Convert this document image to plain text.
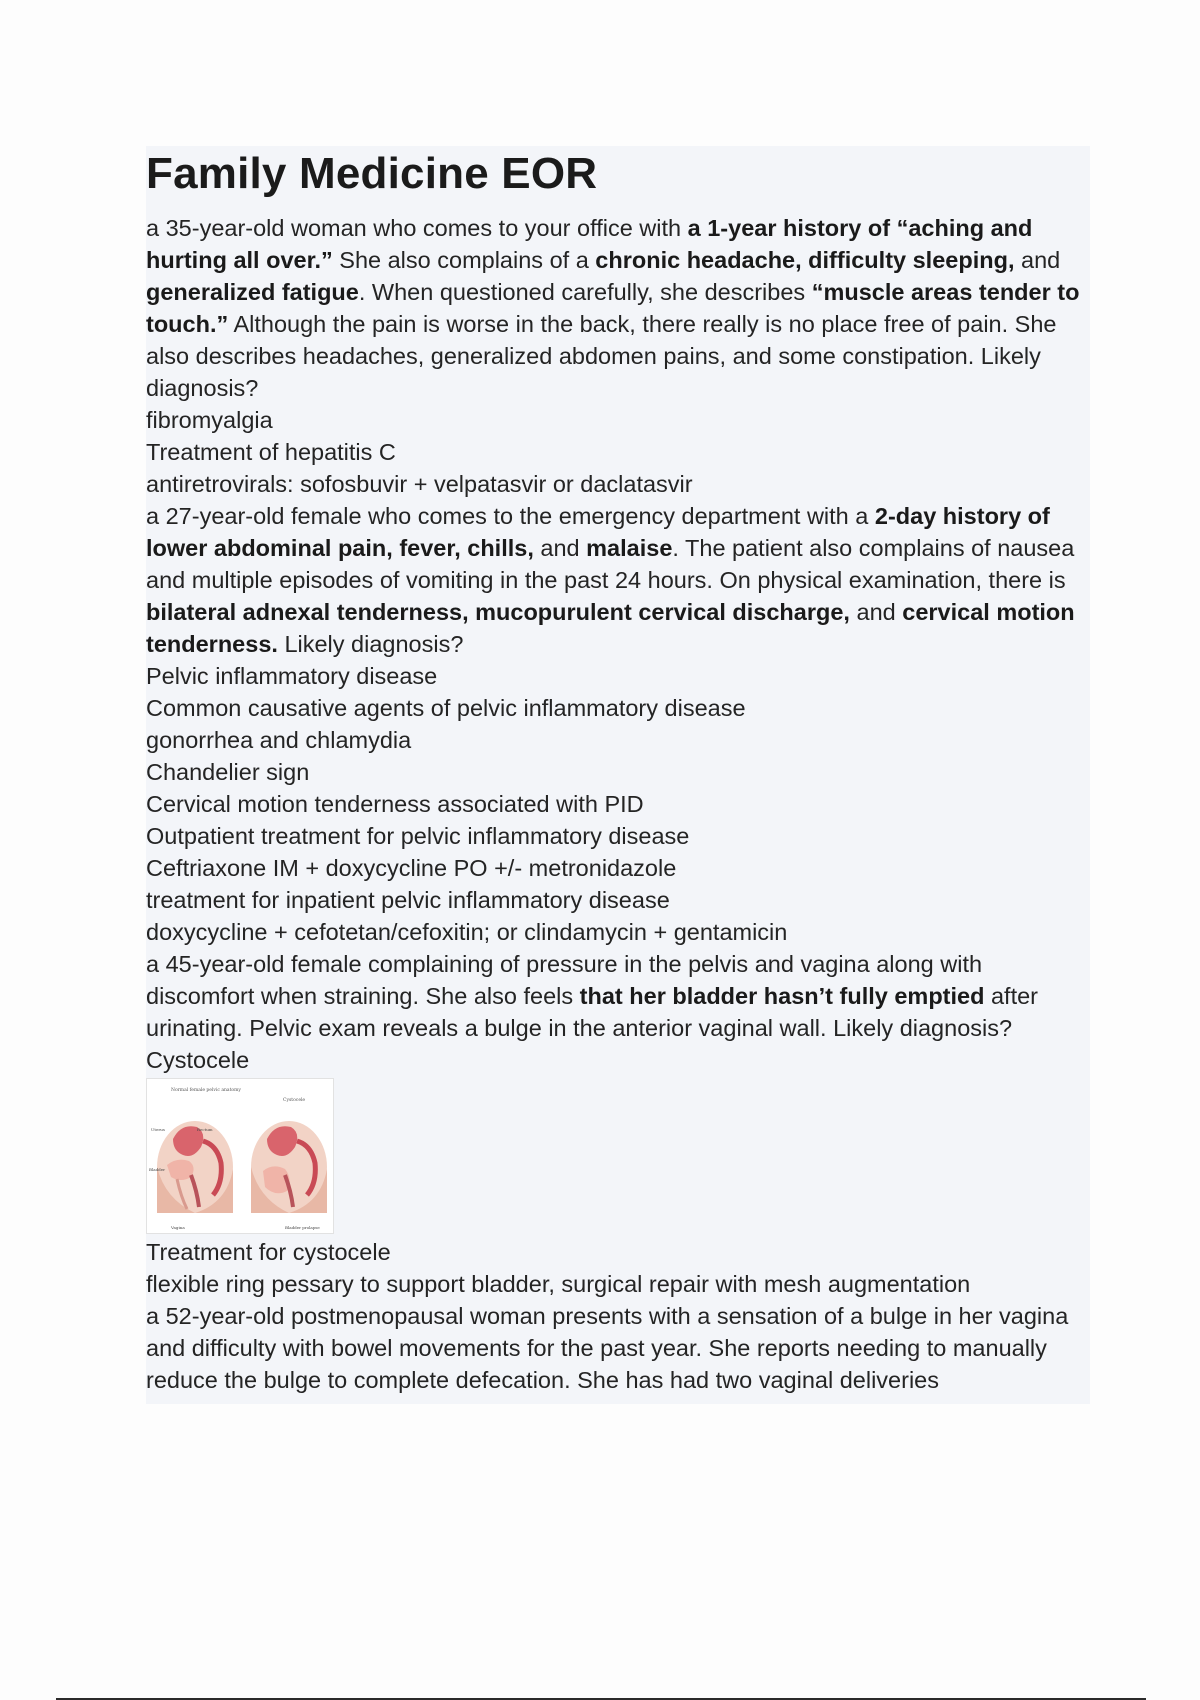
Family Medicine EOR

a 35-year-old woman who comes to your office with a 1-year history of “aching and hurting all over.” She also complains of a chronic headache, difficulty sleeping, and generalized fatigue. When questioned carefully, she describes “muscle areas tender to touch.” Although the pain is worse in the back, there really is no place free of pain. She also describes headaches, generalized abdomen pains, and some constipation. Likely diagnosis?

fibromyalgia

Treatment of hepatitis C

antiretrovirals: sofosbuvir + velpatasvir or daclatasvir

a 27-year-old female who comes to the emergency department with a 2-day history of lower abdominal pain, fever, chills, and malaise. The patient also complains of nausea and multiple episodes of vomiting in the past 24 hours. On physical examination, there is bilateral adnexal tenderness, mucopurulent cervical discharge, and cervical motion tenderness. Likely diagnosis?

Pelvic inflammatory disease

Common causative agents of pelvic inflammatory disease

gonorrhea and chlamydia

Chandelier sign

Cervical motion tenderness associated with PID

Outpatient treatment for pelvic inflammatory disease

Ceftriaxone IM + doxycycline PO +/- metronidazole

treatment for inpatient pelvic inflammatory disease

doxycycline + cefotetan/cefoxitin; or clindamycin + gentamicin

a 45-year-old female complaining of pressure in the pelvis and vagina along with discomfort when straining. She also feels that her bladder hasn’t fully emptied after urinating. Pelvic exam reveals a bulge in the anterior vaginal wall. Likely diagnosis?

Cystocele

Normal female pelvic anatomy
Uterus	Rectum
Bladder
Vagina
Cystocele
Bladder prolapse

Treatment for cystocele

flexible ring pessary to support bladder, surgical repair with mesh augmentation

a 52-year-old postmenopausal woman presents with a sensation of a bulge in her vagina and difficulty with bowel movements for the past year. She reports needing to manually reduce the bulge to complete defecation. She has had two vaginal deliveries
